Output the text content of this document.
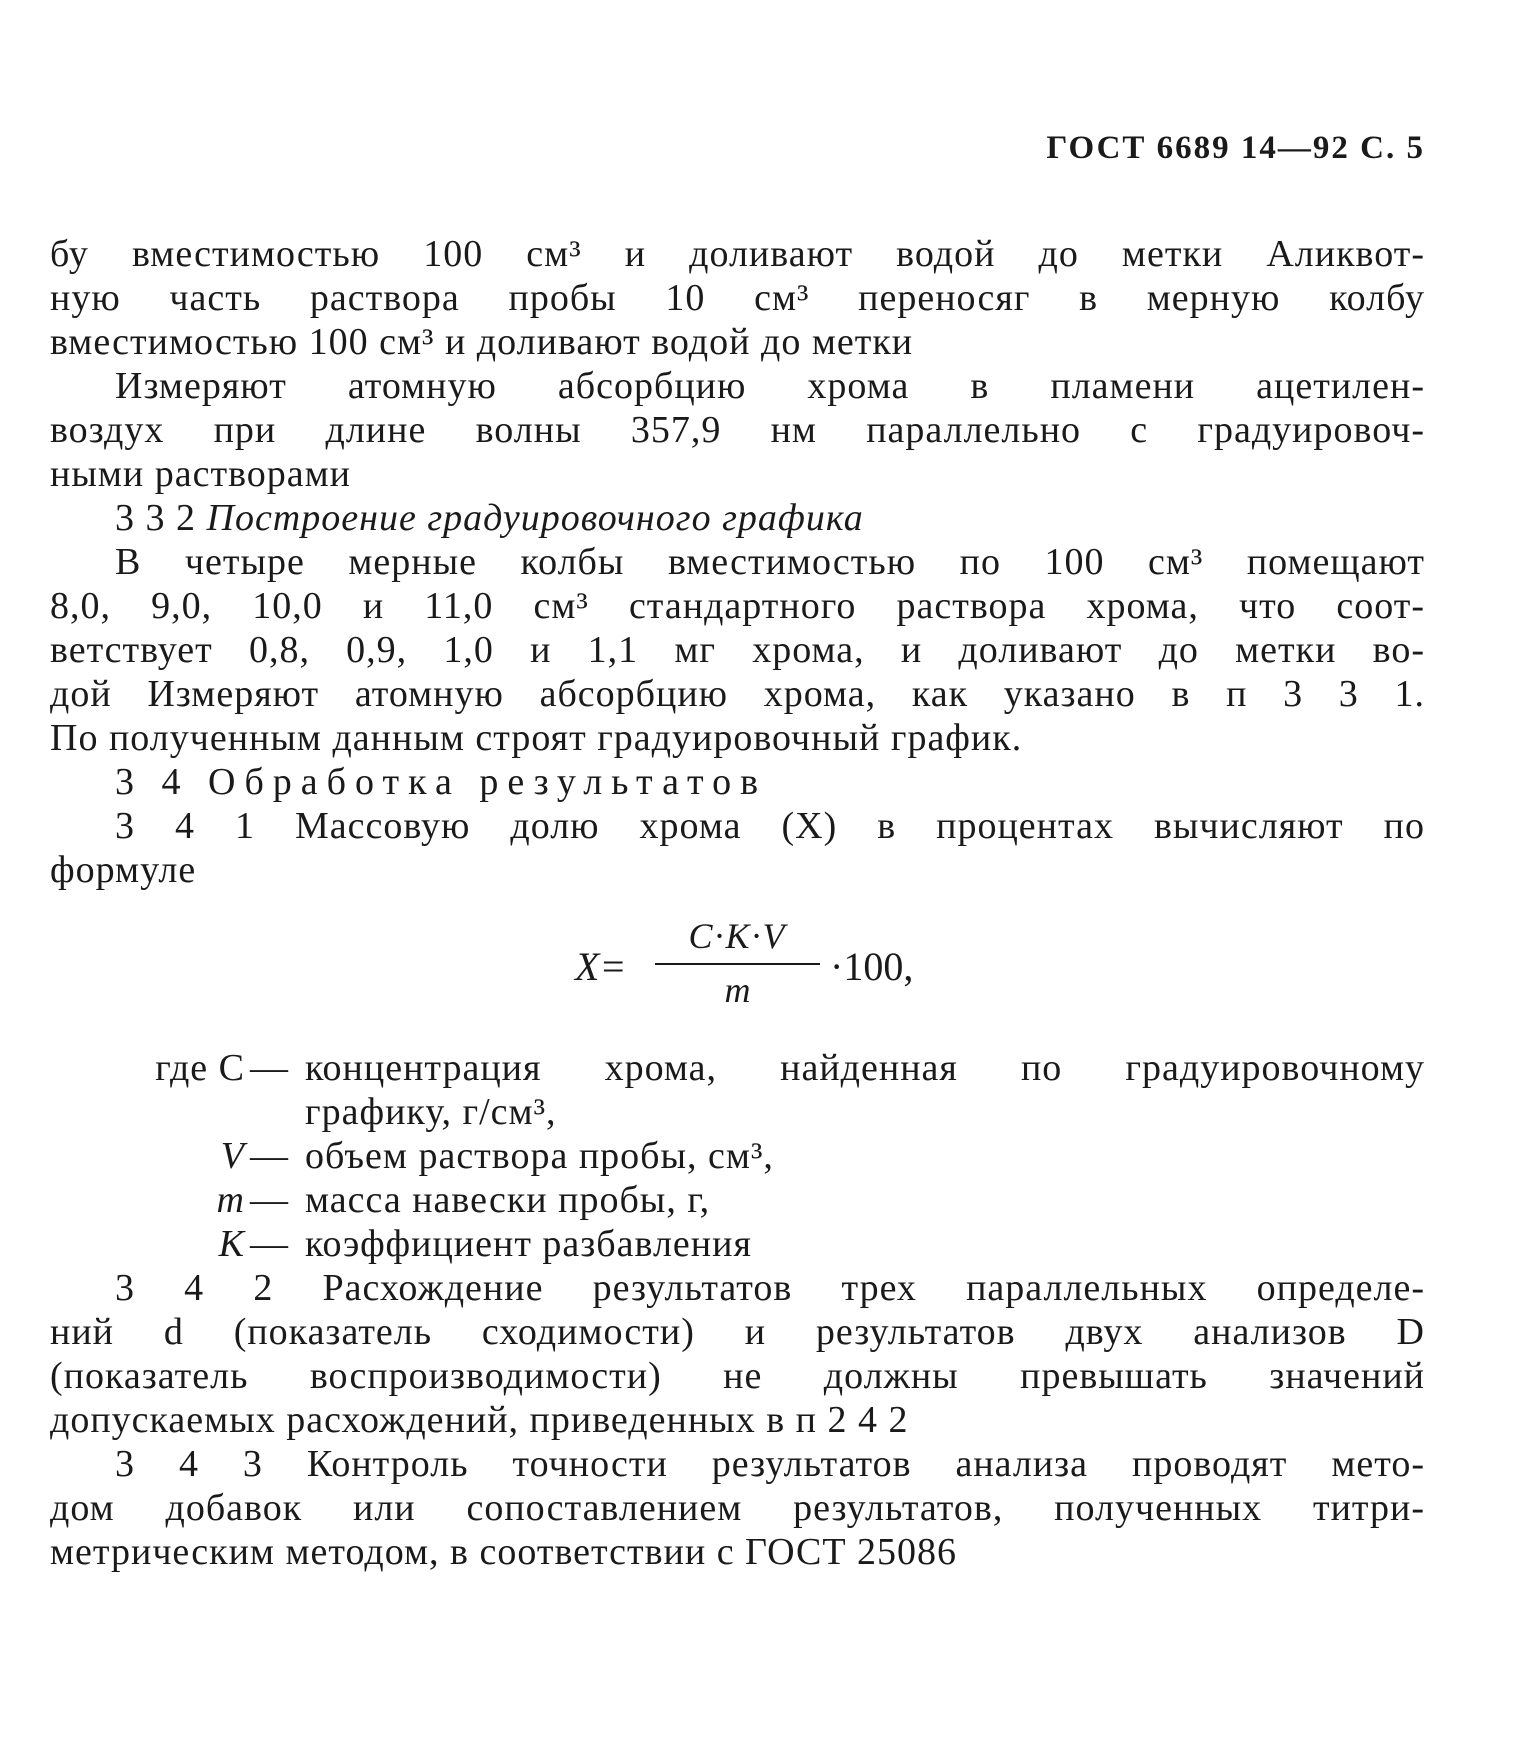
ГОСТ 6689 14—92 С. 5
бу вместимостью 100 см³ и доливают водой до метки Аликвот-
ную часть раствора пробы 10 см³ переносяг в мерную колбу
вместимостью 100 см³ и доливают водой до метки
Измеряют атомную абсорбцию хрома в пламени ацетилен-
воздух при длине волны 357,9 нм параллельно с градуировоч-
ными растворами
3 3 2 Построение градуировочного графика
В четыре мерные колбы вместимостью по 100 см³ помещают
8,0, 9,0, 10,0 и 11,0 см³ стандартного раствора хрома, что соот-
ветствует 0,8, 0,9, 1,0 и 1,1 мг хрома, и доливают до метки во-
дой Измеряют атомную абсорбцию хрома, как указано в п 3 3 1.
По полученным данным строят градуировочный график.
3 4 Обработка результатов
3 4 1 Массовую долю хрома (X) в процентах вычисляют по
формуле
X=
C·K·V
m
·100,
где C — концентрация хрома, найденная по градуировочному
графику, г/см³,
V — объем раствора пробы, см³,
m — масса навески пробы, г,
K — коэффициент разбавления
3 4 2 Расхождение результатов трех параллельных определе-
ний d (показатель сходимости) и результатов двух анализов D
(показатель воспроизводимости) не должны превышать значений
допускаемых расхождений, приведенных в п 2 4 2
3 4 3 Контроль точности результатов анализа проводят мето-
дом добавок или сопоставлением результатов, полученных титри-
метрическим методом, в соответствии с ГОСТ 25086
